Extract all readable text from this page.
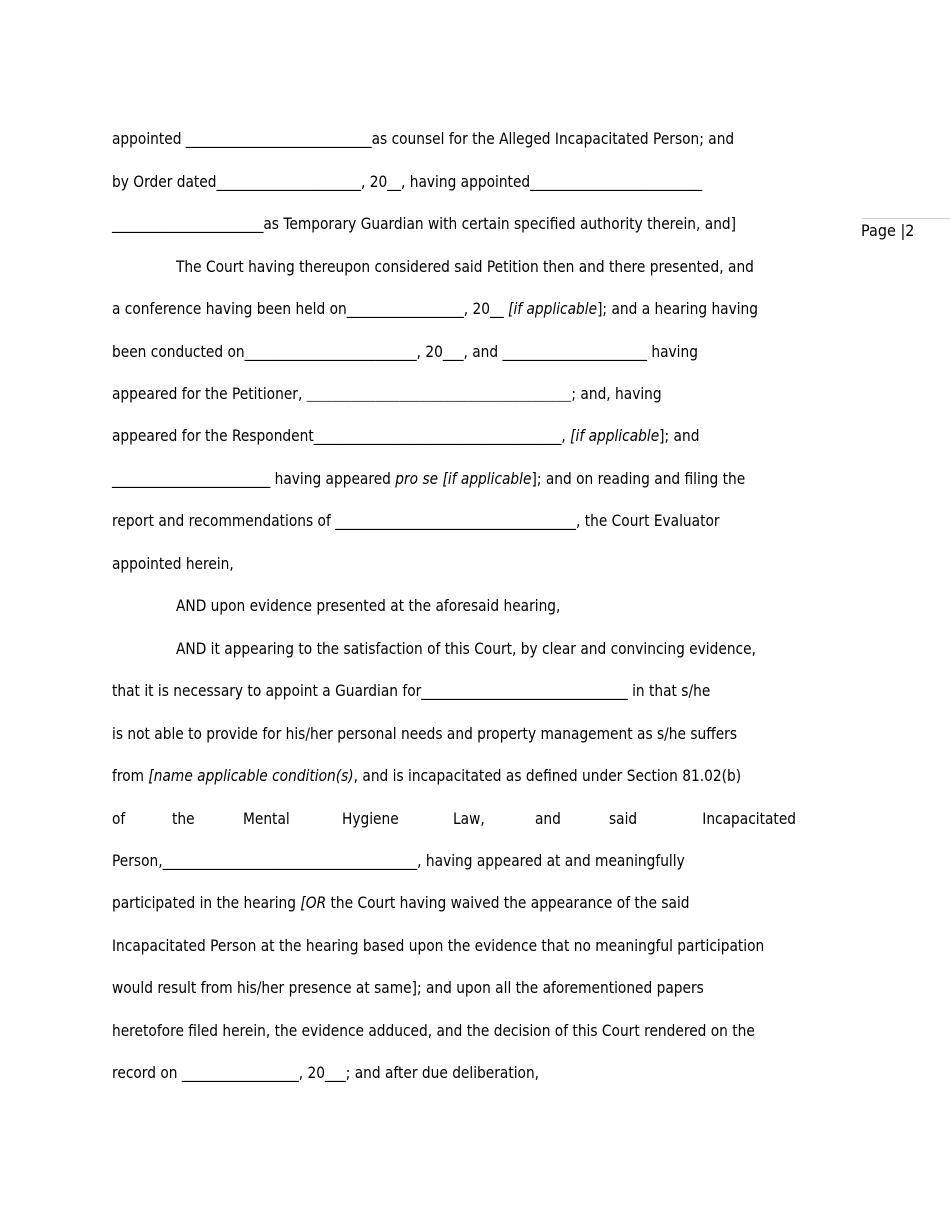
Page |2
appointed ___________________________as counsel for the Alleged Incapacitated Person; and
by Order dated_____________________, 20__, having appointed_________________________
______________________as Temporary Guardian with certain specified authority therein, and]
The Court having thereupon considered said Petition then and there presented, and
a conference having been held on_________________, 20__ [if applicable]; and a hearing having
been conducted on_________________________, 20___, and _____________________ having
appeared for the Petitioner, ______________________________________________________; and, having
appeared for the Respondent____________________________________, [if applicable]; and
_______________________ having appeared pro se [if applicable]; and on reading and filing the
report and recommendations of ___________________________________, the Court Evaluator
appointed herein,
AND upon evidence presented at the aforesaid hearing,
AND it appearing to the satisfaction of this Court, by clear and convincing evidence,
that it is necessary to appoint a Guardian for______________________________ in that s/he
is not able to provide for his/her personal needs and property management as s/he suffers
from [name applicable condition(s), and is incapacitated as defined under Section 81.02(b)
of	the	Mental	Hygiene	Law,	and	said	Incapacitated
Person,_____________________________________, having appeared at and meaningfully
participated in the hearing [OR the Court having waived the appearance of the said
Incapacitated Person at the hearing based upon the evidence that no meaningful participation
would result from his/her presence at same]; and upon all the aforementioned papers
heretofore filed herein, the evidence adduced, and the decision of this Court rendered on the
record on _________________, 20___; and after due deliberation,
